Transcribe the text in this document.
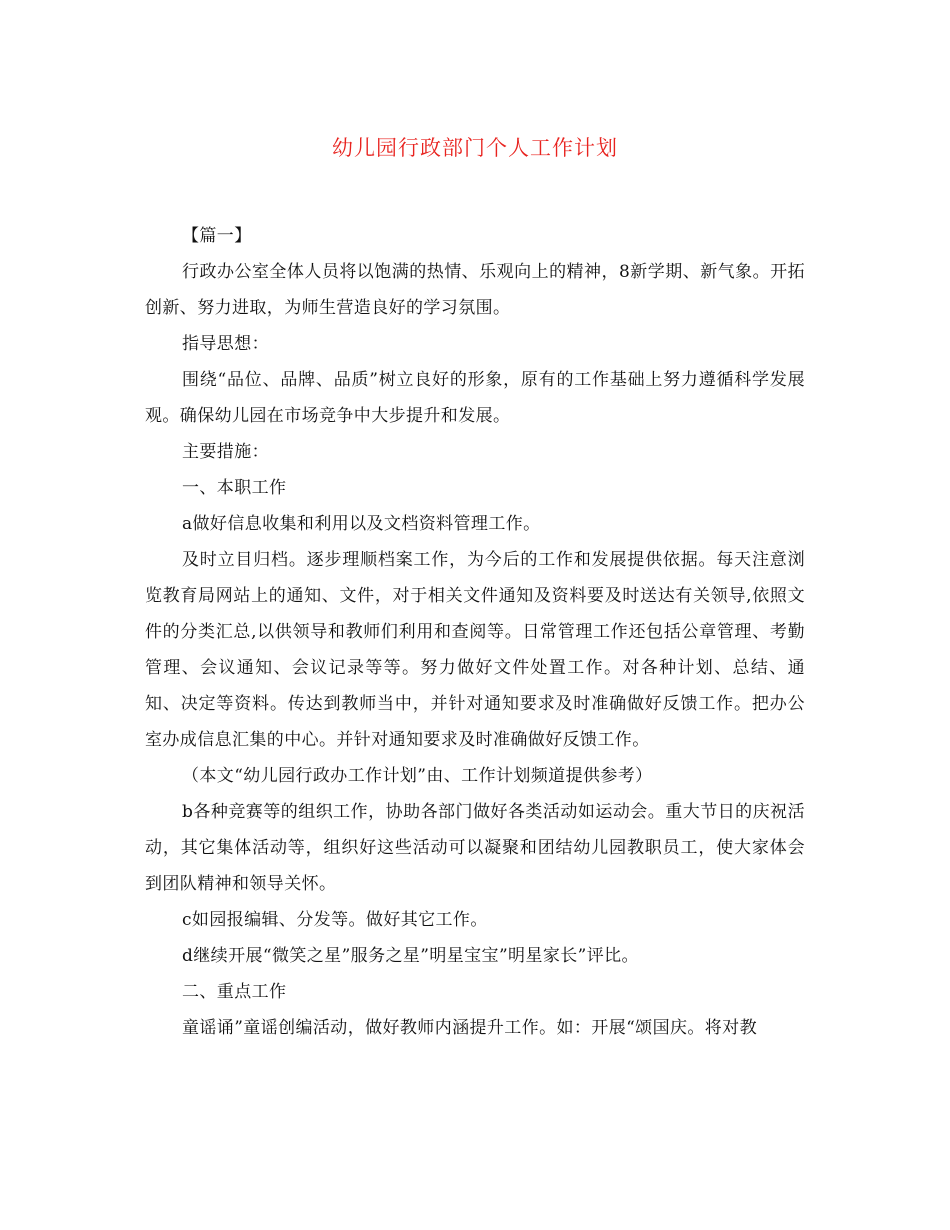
幼儿园行政部门个人工作计划

【篇一】

行政办公室全体人员将以饱满的热情、乐观向上的精神，8新学期、新气象。开拓创新、努力进取，为师生营造良好的学习氛围。

指导思想：

围绕“品位、品牌、品质”树立良好的形象，原有的工作基础上努力遵循科学发展观。确保幼儿园在市场竞争中大步提升和发展。

主要措施：

一、本职工作

a做好信息收集和利用以及文档资料管理工作。

及时立目归档。逐步理顺档案工作，为今后的工作和发展提供依据。每天注意浏览教育局网站上的通知、文件，对于相关文件通知及资料要及时送达有关领导,依照文件的分类汇总,以供领导和教师们利用和查阅等。日常管理工作还包括公章管理、考勤管理、会议通知、会议记录等等。努力做好文件处置工作。对各种计划、总结、通知、决定等资料。传达到教师当中，并针对通知要求及时准确做好反馈工作。把办公室办成信息汇集的中心。并针对通知要求及时准确做好反馈工作。

（本文“幼儿园行政办工作计划”由、工作计划频道提供参考）

b各种竞赛等的组织工作，协助各部门做好各类活动如运动会。重大节日的庆祝活动，其它集体活动等，组织好这些活动可以凝聚和团结幼儿园教职员工，使大家体会到团队精神和领导关怀。

c如园报编辑、分发等。做好其它工作。

d继续开展“微笑之星”服务之星”明星宝宝”明星家长”评比。

二、重点工作

童谣诵”童谣创编活动，做好教师内涵提升工作。如：开展“颂国庆。将对教
